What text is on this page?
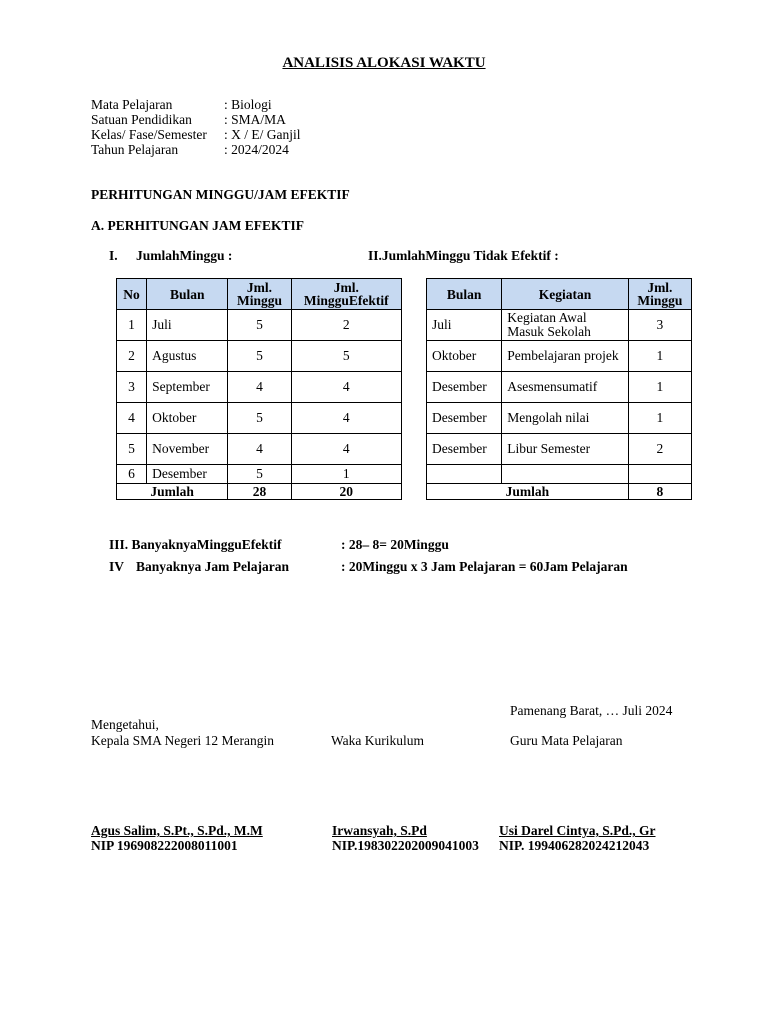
ANALISIS ALOKASI WAKTU
Mata Pelajaran	: Biologi
Satuan Pendidikan	: SMA/MA
Kelas/ Fase/Semester	: X / E/ Ganjil
Tahun Pelajaran	: 2024/2024
PERHITUNGAN MINGGU/JAM EFEKTIF
A. PERHITUNGAN JAM EFEKTIF
I. JumlahMinggu :	II.JumlahMinggu Tidak Efektif :
No	Bulan	Jml. Minggu	Jml. MingguEfektif
1	Juli	5	2
2	Agustus	5	5
3	September	4	4
4	Oktober	5	4
5	November	4	4
6	Desember	5	1
Jumlah		28	20
Bulan	Kegiatan	Jml. Minggu
Juli	Kegiatan Awal Masuk Sekolah	3
Oktober	Pembelajaran projek	1
Desember	Asesmensumatif	1
Desember	Mengolah nilai	1
Desember	Libur Semester	2

Jumlah		8
III. BanyaknyaMingguEfektif	: 28– 8= 20Minggu
IV Banyaknya Jam Pelajaran	: 20Minggu x 3 Jam Pelajaran = 60Jam Pelajaran
Pamenang Barat, … Juli 2024
Mengetahui,
Kepala SMA Negeri 12 Merangin	Waka Kurikulum	Guru Mata Pelajaran
Agus Salim, S.Pt., S.Pd., M.M	Irwansyah, S.Pd	Usi Darel Cintya, S.Pd., Gr
NIP 196908222008011001	NIP.198302202009041003 NIP. 199406282024212043
